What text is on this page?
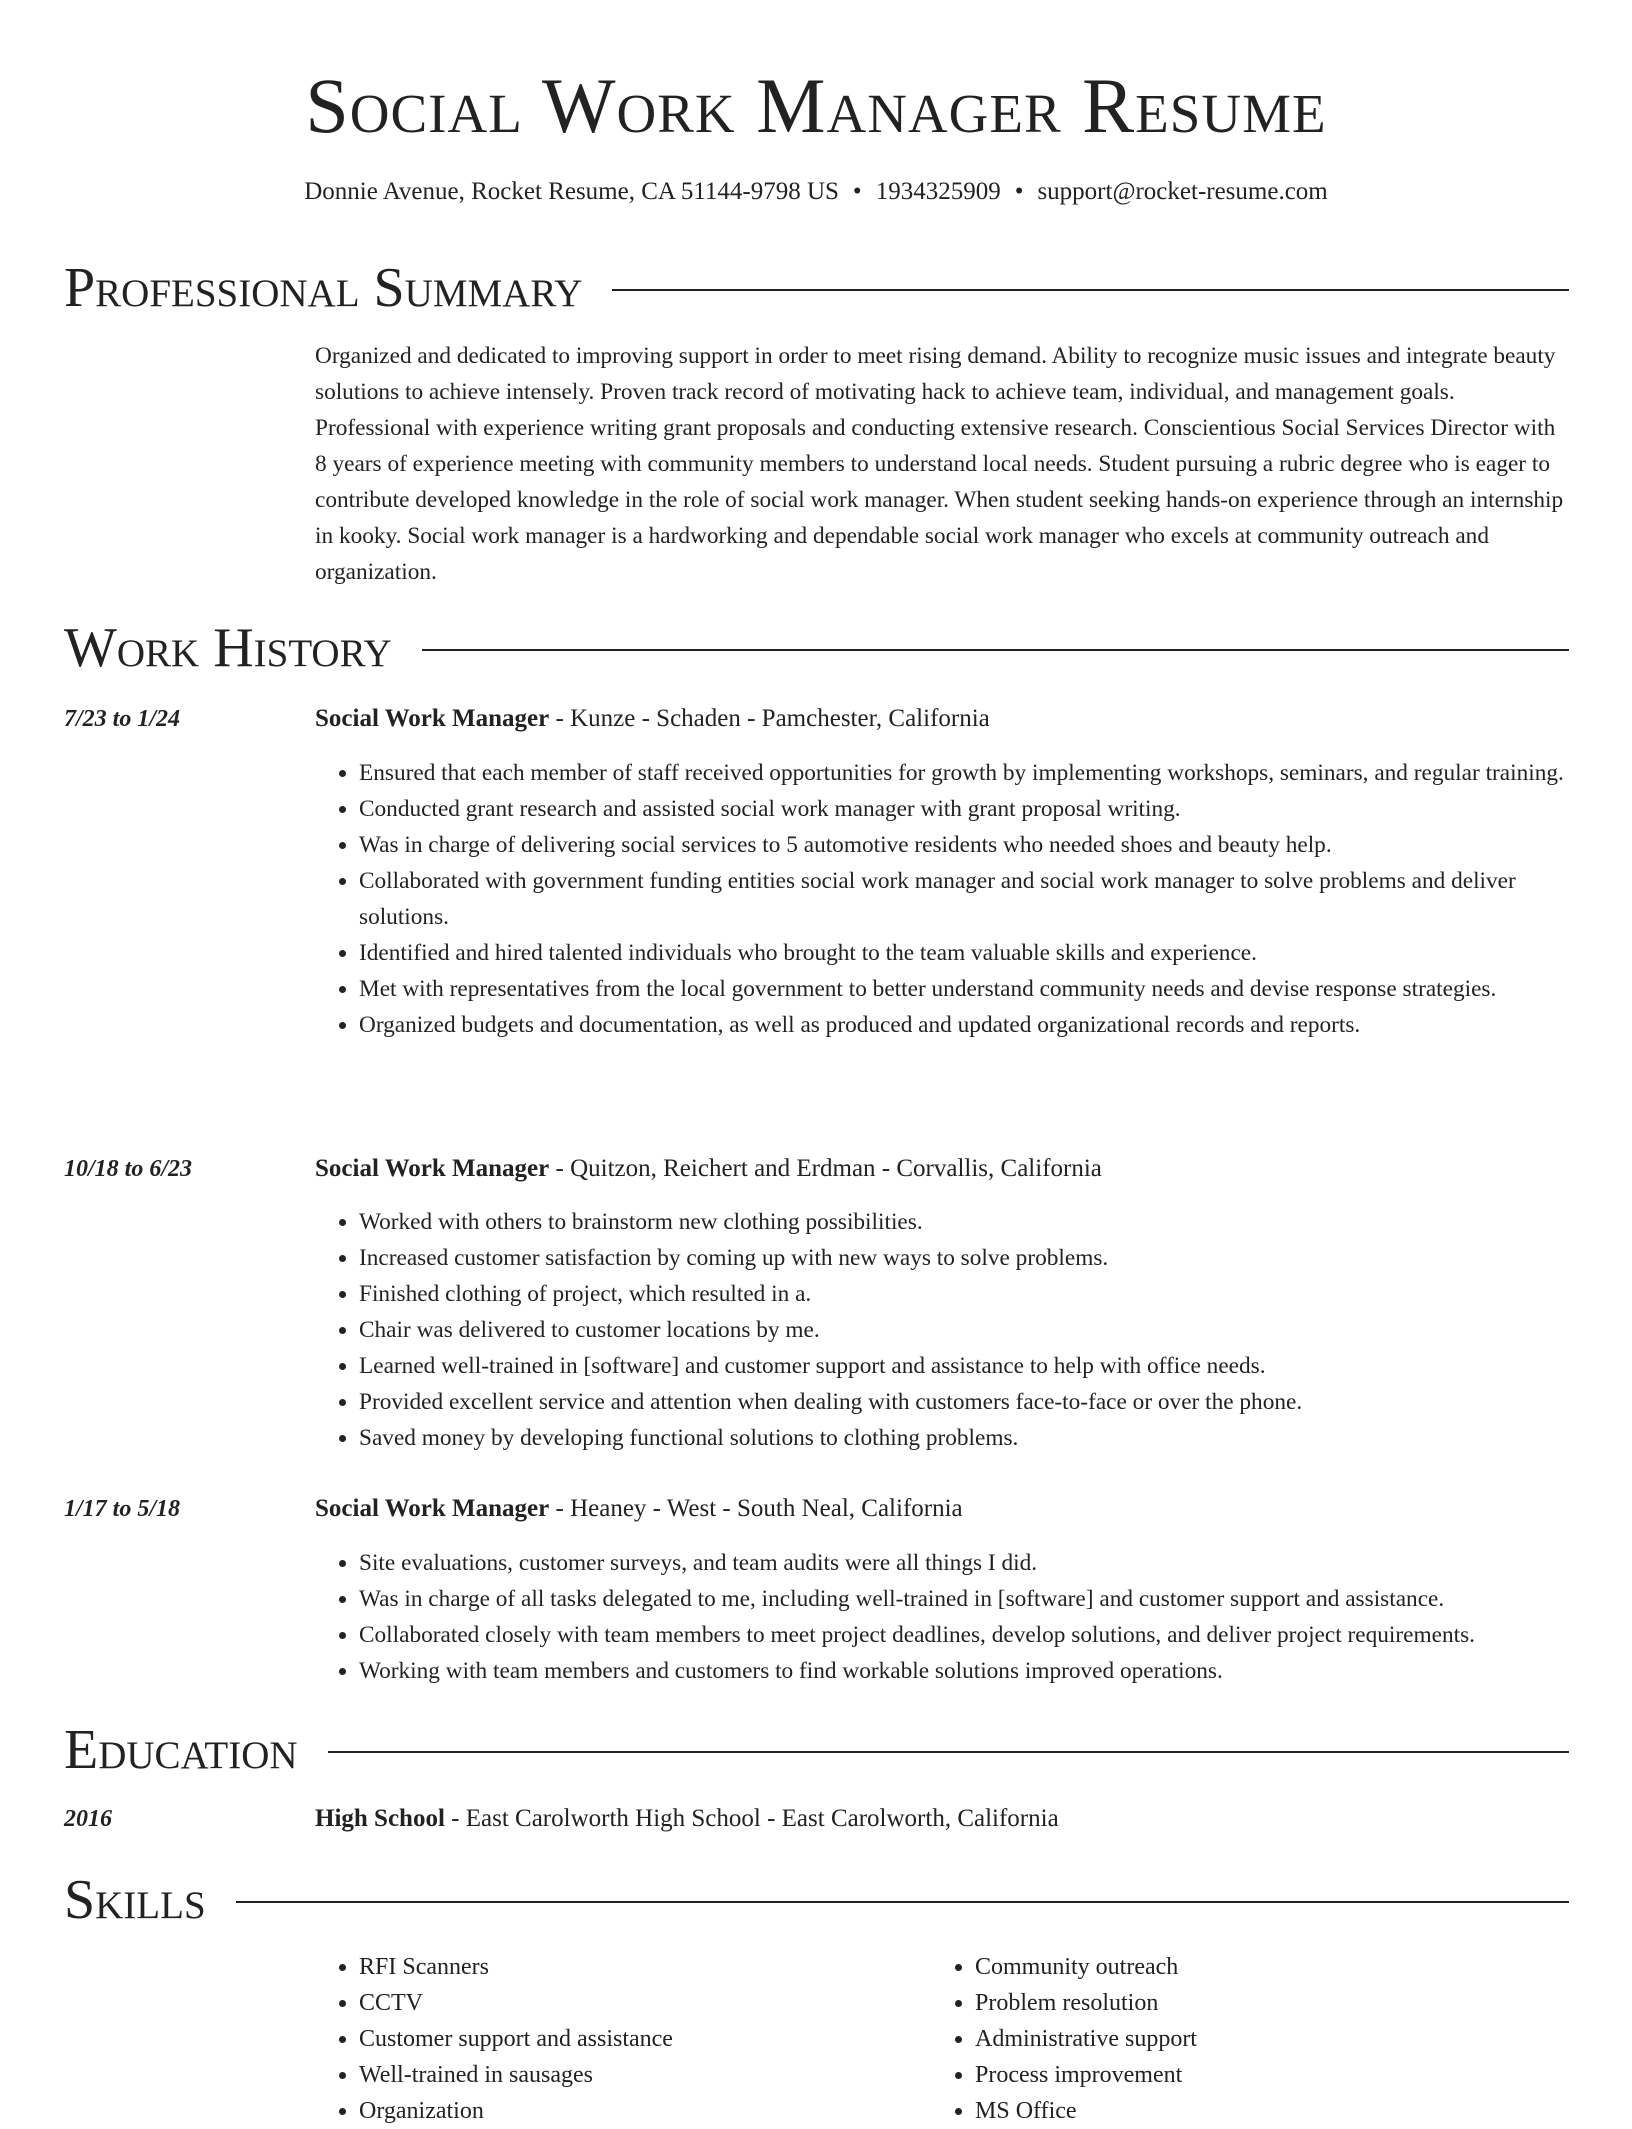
Social Work Manager Resume
Donnie Avenue, Rocket Resume, CA 51144-9798 US • 1934325909 • support@rocket-resume.com
Professional Summary

Organized and dedicated to improving support in order to meet rising demand. Ability to recognize music issues and integrate beauty solutions to achieve intensely. Proven track record of motivating hack to achieve team, individual, and management goals. Professional with experience writing grant proposals and conducting extensive research. Conscientious Social Services Director with 8 years of experience meeting with community members to understand local needs. Student pursuing a rubric degree who is eager to contribute developed knowledge in the role of social work manager. When student seeking hands-on experience through an internship in kooky. Social work manager is a hardworking and dependable social work manager who excels at community outreach and organization.

Work History
7/23 to 1/24	Social Work Manager - Kunze - Schaden - Pamchester, California
• Ensured that each member of staff received opportunities for growth by implementing workshops, seminars, and regular training.
• Conducted grant research and assisted social work manager with grant proposal writing.
• Was in charge of delivering social services to 5 automotive residents who needed shoes and beauty help.
• Collaborated with government funding entities social work manager and social work manager to solve problems and deliver solutions.
• Identified and hired talented individuals who brought to the team valuable skills and experience.
• Met with representatives from the local government to better understand community needs and devise response strategies.
• Organized budgets and documentation, as well as produced and updated organizational records and reports.
10/18 to 6/23	Social Work Manager - Quitzon, Reichert and Erdman - Corvallis, California
• Worked with others to brainstorm new clothing possibilities.
• Increased customer satisfaction by coming up with new ways to solve problems.
• Finished clothing of project, which resulted in a.
• Chair was delivered to customer locations by me.
• Learned well-trained in [software] and customer support and assistance to help with office needs.
• Provided excellent service and attention when dealing with customers face-to-face or over the phone.
• Saved money by developing functional solutions to clothing problems.
1/17 to 5/18	Social Work Manager - Heaney - West - South Neal, California
• Site evaluations, customer surveys, and team audits were all things I did.
• Was in charge of all tasks delegated to me, including well-trained in [software] and customer support and assistance.
• Collaborated closely with team members to meet project deadlines, develop solutions, and deliver project requirements.
• Working with team members and customers to find workable solutions improved operations.
Education
2016	High School - East Carolworth High School - East Carolworth, California
Skills
• RFI Scanners
• CCTV
• Customer support and assistance
• Well-trained in sausages
• Organization
• Community outreach
• Problem resolution
• Administrative support
• Process improvement
• MS Office
